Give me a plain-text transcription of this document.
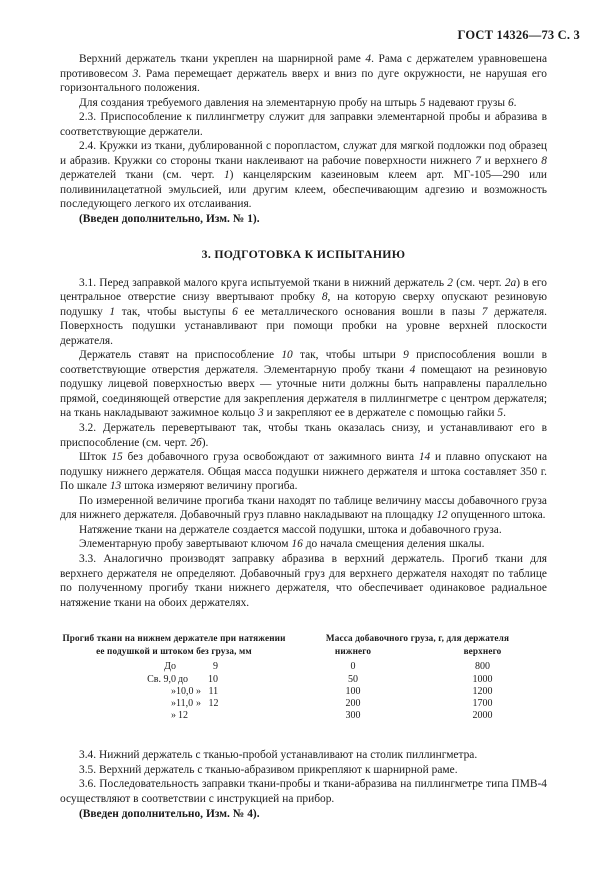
ГОСТ 14326—73 С. 3

Верхний держатель ткани укреплен на шарнирной раме 4. Рама с держателем уравновешена противовесом 3. Рама перемещает держатель вверх и вниз по дуге окружности, не нарушая его горизонтального положения.

Для создания требуемого давления на элементарную пробу на штырь 5 надевают грузы 6.

2.3. Приспособление к пиллингметру служит для заправки элементарной пробы и абразива в соответствующие держатели.

2.4. Кружки из ткани, дублированной с поропластом, служат для мягкой подложки под образец и абразив. Кружки со стороны ткани наклеивают на рабочие поверхности нижнего 7 и верхнего 8 держателей ткани (см. черт. 1) канцелярским казеиновым клеем арт. МГ-105—290 или поливинилацетатной эмульсией, или другим клеем, обеспечивающим адгезию и возможность последующего легкого их отслаивания.

(Введен дополнительно, Изм. № 1).

3. ПОДГОТОВКА К ИСПЫТАНИЮ

3.1. Перед заправкой малого круга испытуемой ткани в нижний держатель 2 (см. черт. 2а) в его центральное отверстие снизу ввертывают пробку 8, на которую сверху опускают резиновую подушку 1 так, чтобы выступы 6 ее металлического основания вошли в пазы 7 держателя. Поверхность подушки устанавливают при помощи пробки на уровне верхней плоскости держателя.

Держатель ставят на приспособление 10 так, чтобы штыри 9 приспособления вошли в соответствующие отверстия держателя. Элементарную пробу ткани 4 помещают на резиновую подушку лицевой поверхностью вверх — уточные нити должны быть направлены параллельно прямой, соединяющей отверстие для закрепления держателя в пиллингметре с центром держателя; на ткань накладывают зажимное кольцо 3 и закрепляют ее в держателе с помощью гайки 5.

3.2. Держатель перевертывают так, чтобы ткань оказалась снизу, и устанавливают его в приспособление (см. черт. 2б).

Шток 15 без добавочного груза освобождают от зажимного винта 14 и плавно опускают на подушку нижнего держателя. Общая масса подушки нижнего держателя и штока составляет 350 г. По шкале 13 штока измеряют величину прогиба.

По измеренной величине прогиба ткани находят по таблице величину массы добавочного груза для нижнего держателя. Добавочный груз плавно накладывают на площадку 12 опущенного штока.

Натяжение ткани на держателе создается массой подушки, штока и добавочного груза.

Элементарную пробу завертывают ключом 16 до начала смещения деления шкалы.

3.3. Аналогично производят заправку абразива в верхний держатель. Прогиб ткани для верхнего держателя не определяют. Добавочный груз для верхнего держателя находят по таблице по полученному прогибу ткани нижнего держателя, что обеспечивает одинаковое радиальное натяжение ткани на обоих держателях.

Прогиб ткани на нижнем держателе при натяжении ее подушкой и штоком без груза, мм	Масса добавочного груза, г, для держателя	
	нижнего	верхнего
До 9	0	800
Св. 9,0 до 10	50	1000
»10,0 »   11	100	1200
»11,0 »   12	200	1700
» 12	300	2000

3.4. Нижний держатель с тканью-пробой устанавливают на столик пиллингметра.

3.5. Верхний держатель с тканью-абразивом прикрепляют к шарнирной раме.

3.6. Последовательность заправки ткани-пробы и ткани-абразива на пиллингметре типа ПМВ-4 осуществляют в соответствии с инструкцией на прибор.

(Введен дополнительно, Изм. № 4).
